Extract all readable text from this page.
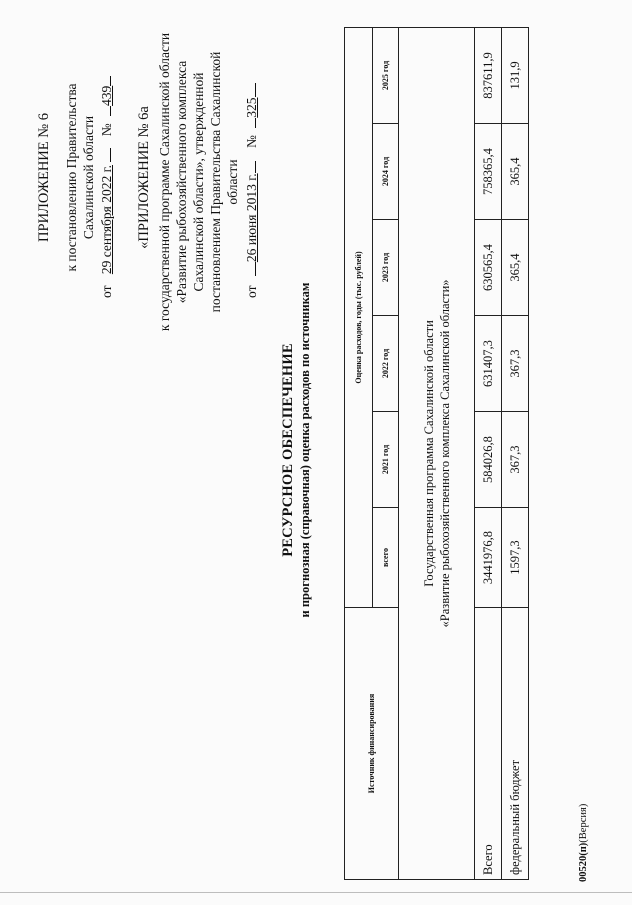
ПРИЛОЖЕНИЕ № 6 к постановлению Правительства Сахалинской области
от 29 сентября 2022 г.  № 439
«ПРИЛОЖЕНИЕ № 6а к государственной программе Сахалинской области «Развитие рыбохозяйственного комплекса Сахалинской области», утвержденной постановлением Правительства Сахалинской области
от 26 июня 2013 г. № 325
РЕСУРСНОЕ ОБЕСПЕЧЕНИЕ и прогнозная (справочная) оценка расходов по источникам
Источник финансирования	Оценка расходов, годы (тыс. рублей)					
	всего	2021 год	2022 год	2023 год	2024 год	2025 год

Государственная программа Сахалинской области «Развитие рыбохозяйственного комплекса Сахалинской области»						

Всего	3441976,8	584026,8	631407,3	630565,4	758365,4	837611,9
федеральный бюджет	1597,3	367,3	367,3	365,4	365,4	131,9
00520(п)(Версия)
